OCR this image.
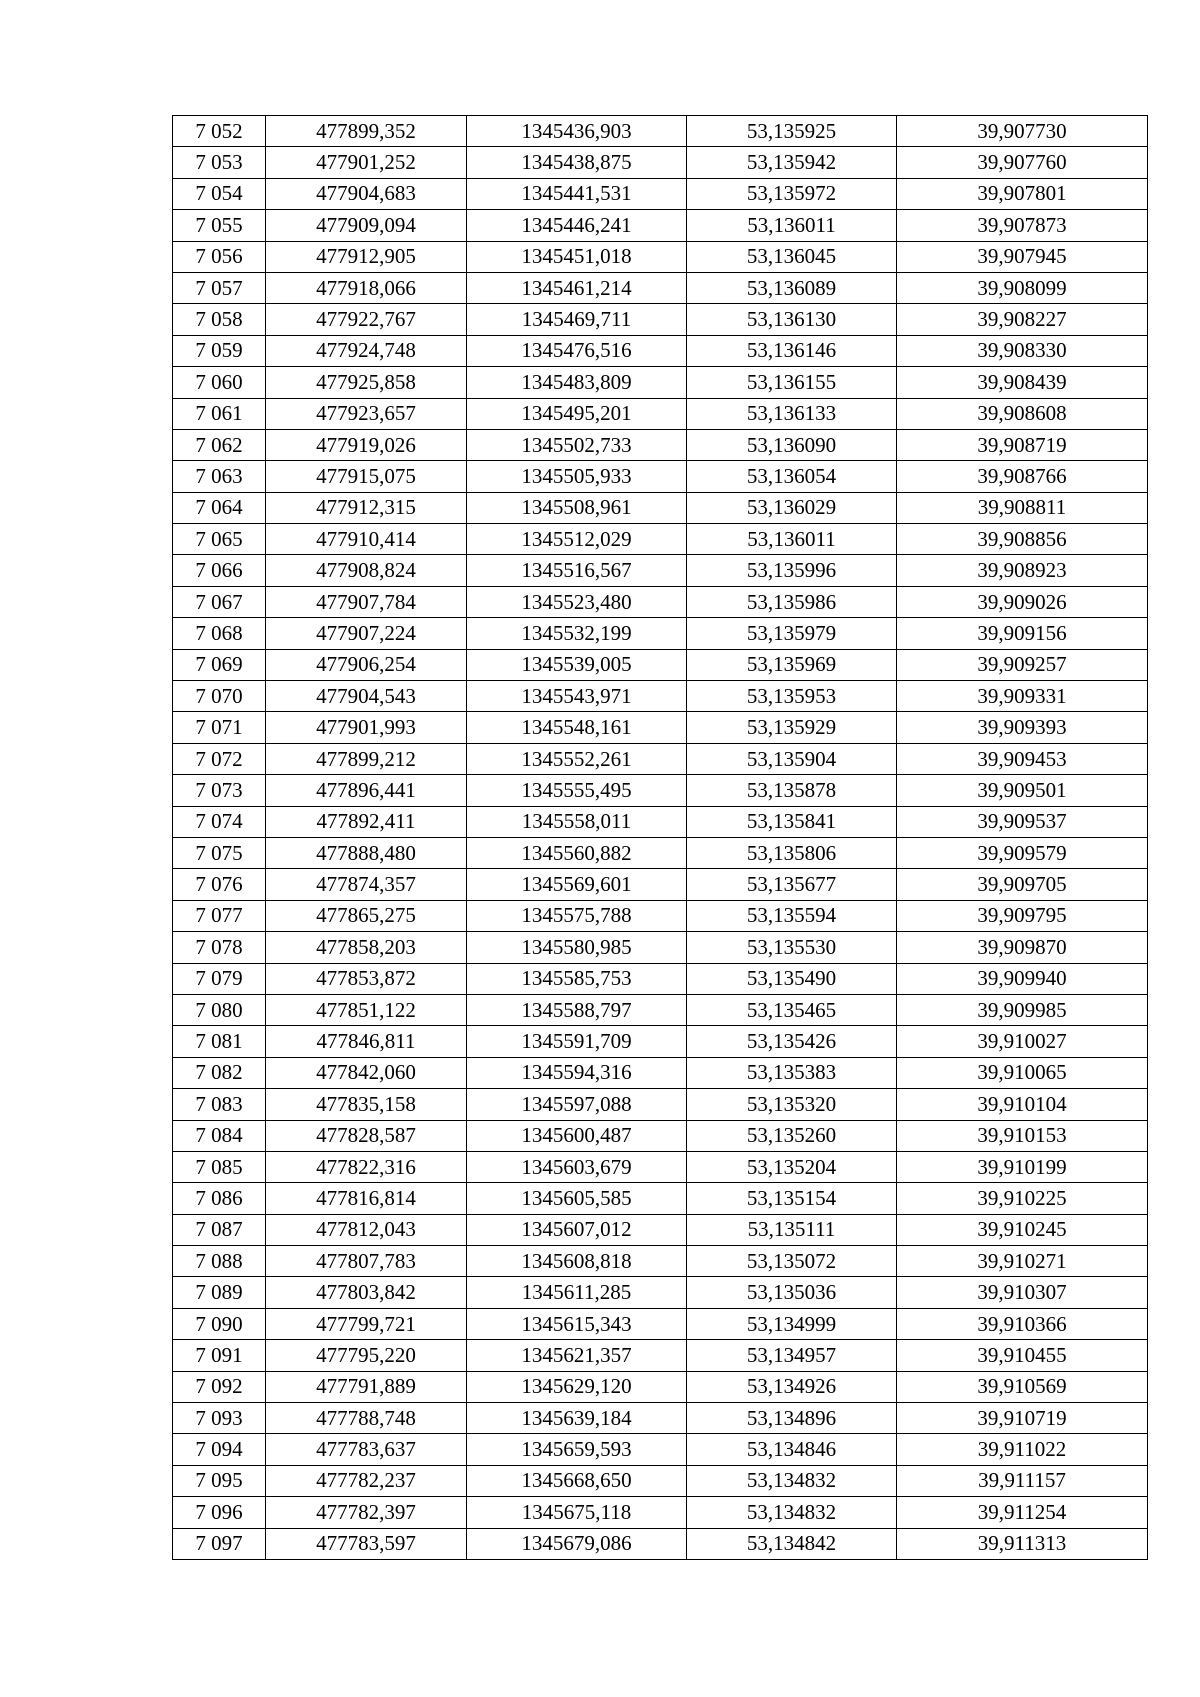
7 052	477899,352	1345436,903	53,135925	39,907730
7 053	477901,252	1345438,875	53,135942	39,907760
7 054	477904,683	1345441,531	53,135972	39,907801
7 055	477909,094	1345446,241	53,136011	39,907873
7 056	477912,905	1345451,018	53,136045	39,907945
7 057	477918,066	1345461,214	53,136089	39,908099
7 058	477922,767	1345469,711	53,136130	39,908227
7 059	477924,748	1345476,516	53,136146	39,908330
7 060	477925,858	1345483,809	53,136155	39,908439
7 061	477923,657	1345495,201	53,136133	39,908608
7 062	477919,026	1345502,733	53,136090	39,908719
7 063	477915,075	1345505,933	53,136054	39,908766
7 064	477912,315	1345508,961	53,136029	39,908811
7 065	477910,414	1345512,029	53,136011	39,908856
7 066	477908,824	1345516,567	53,135996	39,908923
7 067	477907,784	1345523,480	53,135986	39,909026
7 068	477907,224	1345532,199	53,135979	39,909156
7 069	477906,254	1345539,005	53,135969	39,909257
7 070	477904,543	1345543,971	53,135953	39,909331
7 071	477901,993	1345548,161	53,135929	39,909393
7 072	477899,212	1345552,261	53,135904	39,909453
7 073	477896,441	1345555,495	53,135878	39,909501
7 074	477892,411	1345558,011	53,135841	39,909537
7 075	477888,480	1345560,882	53,135806	39,909579
7 076	477874,357	1345569,601	53,135677	39,909705
7 077	477865,275	1345575,788	53,135594	39,909795
7 078	477858,203	1345580,985	53,135530	39,909870
7 079	477853,872	1345585,753	53,135490	39,909940
7 080	477851,122	1345588,797	53,135465	39,909985
7 081	477846,811	1345591,709	53,135426	39,910027
7 082	477842,060	1345594,316	53,135383	39,910065
7 083	477835,158	1345597,088	53,135320	39,910104
7 084	477828,587	1345600,487	53,135260	39,910153
7 085	477822,316	1345603,679	53,135204	39,910199
7 086	477816,814	1345605,585	53,135154	39,910225
7 087	477812,043	1345607,012	53,135111	39,910245
7 088	477807,783	1345608,818	53,135072	39,910271
7 089	477803,842	1345611,285	53,135036	39,910307
7 090	477799,721	1345615,343	53,134999	39,910366
7 091	477795,220	1345621,357	53,134957	39,910455
7 092	477791,889	1345629,120	53,134926	39,910569
7 093	477788,748	1345639,184	53,134896	39,910719
7 094	477783,637	1345659,593	53,134846	39,911022
7 095	477782,237	1345668,650	53,134832	39,911157
7 096	477782,397	1345675,118	53,134832	39,911254
7 097	477783,597	1345679,086	53,134842	39,911313
